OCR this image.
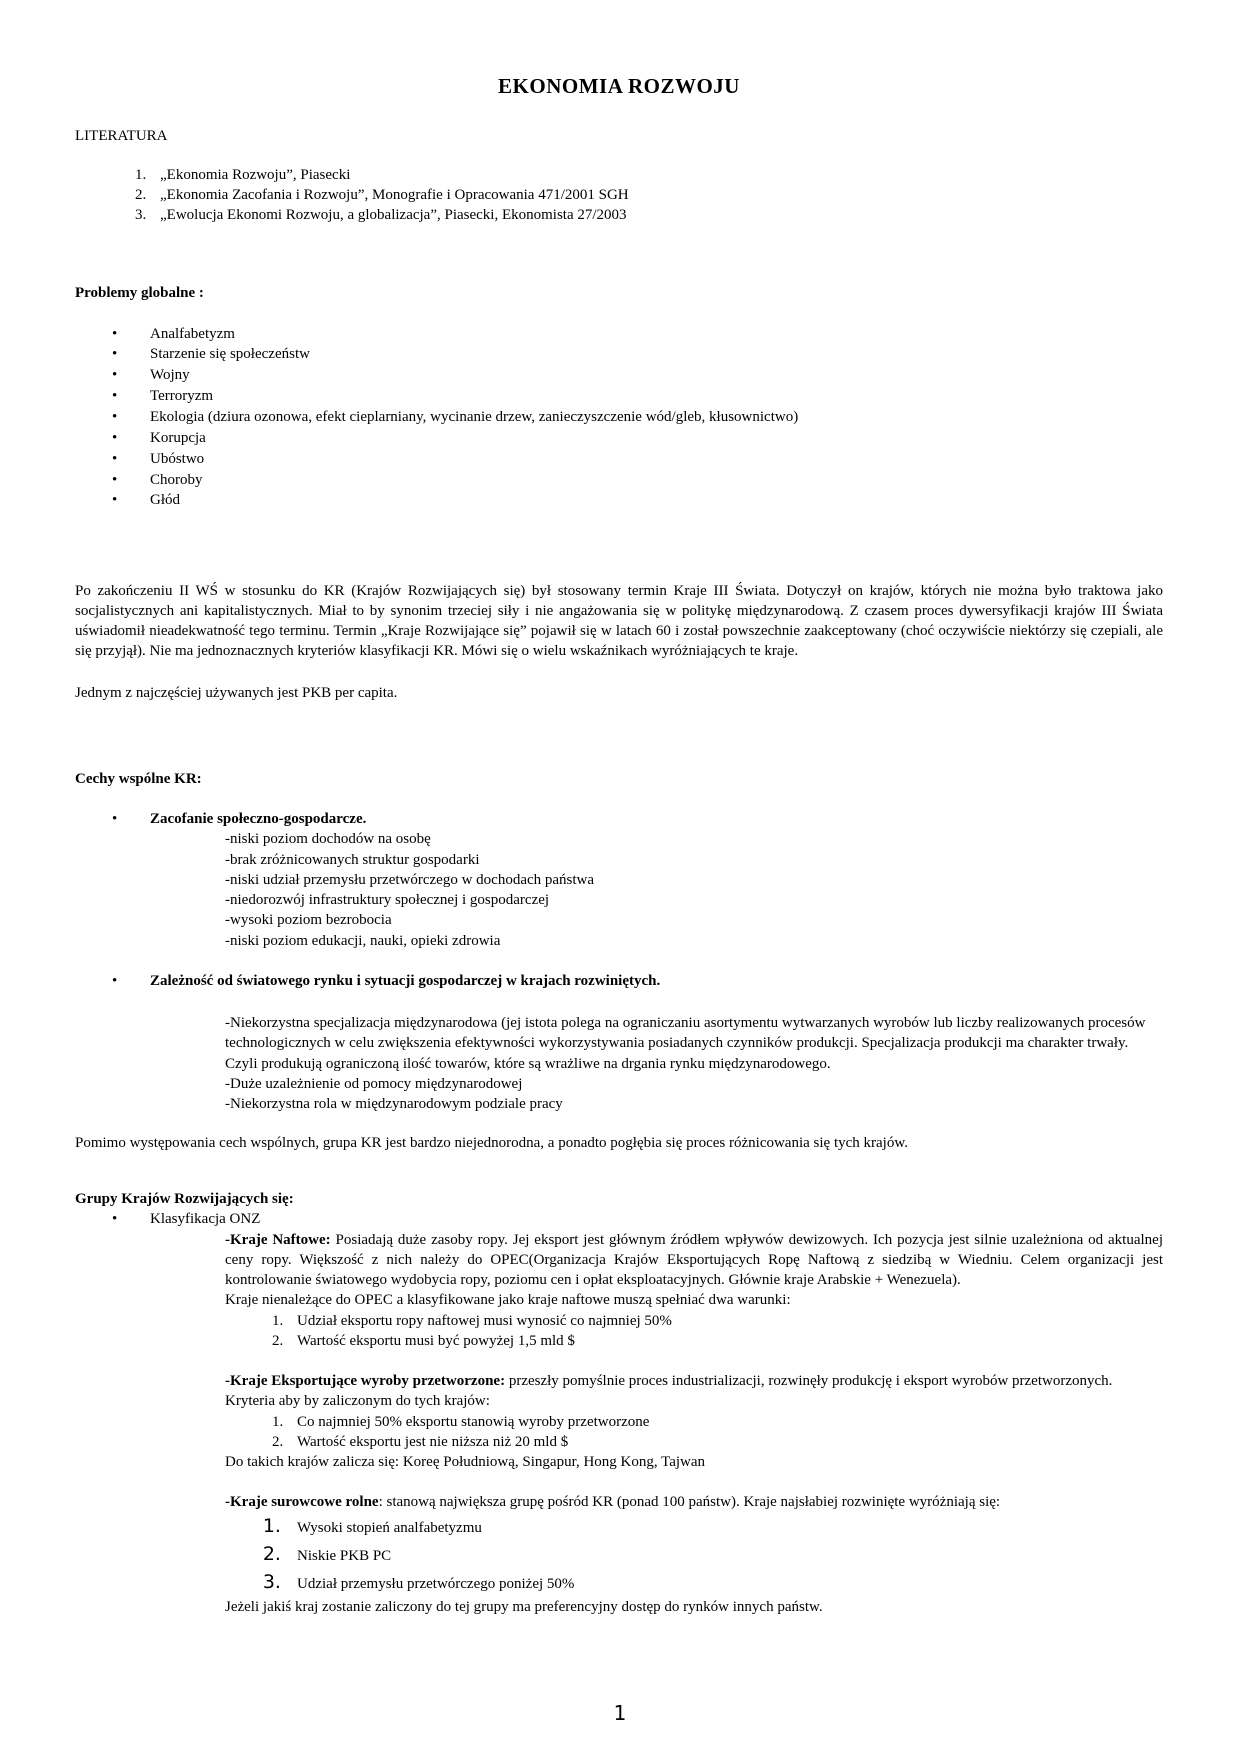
EKONOMIA ROZWOJU
LITERATURA
1. „Ekonomia Rozwoju”, Piasecki
2. „Ekonomia Zacofania i Rozwoju”, Monografie i Opracowania 471/2001 SGH
3. „Ewolucja Ekonomi Rozwoju, a globalizacja”, Piasecki, Ekonomista 27/2003
Problemy globalne :
• Analfabetyzm
• Starzenie się społeczeństw
• Wojny
• Terroryzm
• Ekologia (dziura ozonowa, efekt cieplarniany, wycinanie drzew, zanieczyszczenie wód/gleb, kłusownictwo)
• Korupcja
• Ubóstwo
• Choroby
• Głód

Po zakończeniu II WŚ w stosunku do KR (Krajów Rozwijających się) był stosowany termin Kraje III Świata. Dotyczył on krajów, których nie można było traktowa jako socjalistycznych ani kapitalistycznych. Miał to by synonim trzeciej siły i nie angażowania się w politykę międzynarodową. Z czasem proces dywersyfikacji krajów III Świata uświadomił nieadekwatność tego terminu. Termin „Kraje Rozwijające się” pojawił się w latach 60 i został powszechnie zaakceptowany (choć oczywiście niektórzy się czepiali, ale się przyjął). Nie ma jednoznacznych kryteriów klasyfikacji KR. Mówi się o wielu wskaźnikach wyróżniających te kraje.

Jednym z najczęściej używanych jest PKB per capita.

Cechy wspólne KR:
• Zacofanie społeczno-gospodarcze.
-niski poziom dochodów na osobę
-brak zróżnicowanych struktur gospodarki
-niski udział przemysłu przetwórczego w dochodach państwa
-niedorozwój infrastruktury społecznej i gospodarczej
-wysoki poziom bezrobocia
-niski poziom edukacji, nauki, opieki zdrowia
• Zależność od światowego rynku i sytuacji gospodarczej w krajach rozwiniętych.
-Niekorzystna specjalizacja międzynarodowa (jej istota polega na ograniczaniu asortymentu wytwarzanych wyrobów lub liczby realizowanych procesów technologicznych w celu zwiększenia efektywności wykorzystywania posiadanych czynników produkcji. Specjalizacja produkcji ma charakter trwały. Czyli produkują ograniczoną ilość towarów, które są wrażliwe na drgania rynku międzynarodowego.
-Duże uzależnienie od pomocy międzynarodowej
-Niekorzystna rola w międzynarodowym podziale pracy

Pomimo występowania cech wspólnych, grupa KR jest bardzo niejednorodna, a ponadto pogłębia się proces różnicowania się tych krajów.

Grupy Krajów Rozwijających się:
• Klasyfikacja ONZ
-Kraje Naftowe: Posiadają duże zasoby ropy. Jej eksport jest głównym źródłem wpływów dewizowych. Ich pozycja jest silnie uzależniona od aktualnej ceny ropy. Większość z nich należy do OPEC(Organizacja Krajów Eksportujących Ropę Naftową z siedzibą w Wiedniu. Celem organizacji jest kontrolowanie światowego wydobycia ropy, poziomu cen i opłat eksploatacyjnych. Głównie kraje Arabskie + Wenezuela).
Kraje nienależące do OPEC a klasyfikowane jako kraje naftowe muszą spełniać dwa warunki:
1. Udział eksportu ropy naftowej musi wynosić co najmniej 50%
2. Wartość eksportu musi być powyżej 1,5 mld $
-Kraje Eksportujące wyroby przetworzone: przeszły pomyślnie proces industrializacji, rozwinęły produkcję i eksport wyrobów przetworzonych. Kryteria aby by zaliczonym do tych krajów:
1. Co najmniej 50% eksportu stanowią wyroby przetworzone
2. Wartość eksportu jest nie niższa niż 20 mld $
Do takich krajów zalicza się: Koreę Południową, Singapur, Hong Kong, Tajwan
-Kraje surowcowe rolne: stanową największa grupę pośród KR (ponad 100 państw). Kraje najsłabiej rozwinięte wyróżniają się:
1. Wysoki stopień analfabetyzmu
2. Niskie PKB PC
3. Udział przemysłu przetwórczego poniżej 50%
Jeżeli jakiś kraj zostanie zaliczony do tej grupy ma preferencyjny dostęp do rynków innych państw.
1
